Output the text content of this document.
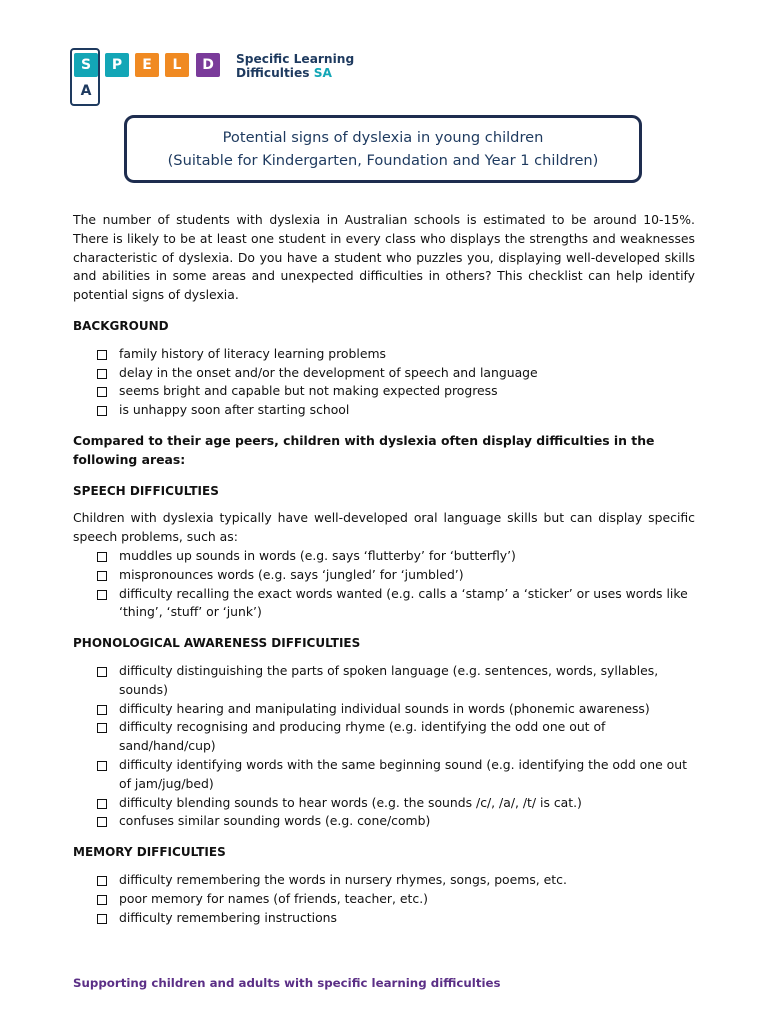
S
A
P	E	L	D	Specific Learning
Difficulties SA
Potential signs of dyslexia in young children
(Suitable for Kindergarten, Foundation and Year 1 children)

The number of students with dyslexia in Australian schools is estimated to be around 10-15%. There is likely to be at least one student in every class who displays the strengths and weaknesses characteristic of dyslexia. Do you have a student who puzzles you, displaying well-developed skills and abilities in some areas and unexpected difficulties in others? This checklist can help identify potential signs of dyslexia.

BACKGROUND

family history of literacy learning problems
delay in the onset and/or the development of speech and language
seems bright and capable but not making expected progress
is unhappy soon after starting school

Compared to their age peers, children with dyslexia often display difficulties in the following areas:

SPEECH DIFFICULTIES

Children with dyslexia typically have well-developed oral language skills but can display specific speech problems, such as:

muddles up sounds in words (e.g. says ‘flutterby’ for ‘butterfly’)
mispronounces words (e.g. says ‘jungled’ for ‘jumbled’)
difficulty recalling the exact words wanted (e.g. calls a ‘stamp’ a ‘sticker’ or uses words like ‘thing’, ‘stuff’ or ‘junk’)

PHONOLOGICAL AWARENESS DIFFICULTIES

difficulty distinguishing the parts of spoken language (e.g. sentences, words, syllables, sounds)
difficulty hearing and manipulating individual sounds in words (phonemic awareness)
difficulty recognising and producing rhyme (e.g. identifying the odd one out of sand/hand/cup)
difficulty identifying words with the same beginning sound (e.g. identifying the odd one out of jam/jug/bed)
difficulty blending sounds to hear words (e.g. the sounds /c/, /a/, /t/ is cat.)
confuses similar sounding words (e.g. cone/comb)

MEMORY DIFFICULTIES

difficulty remembering the words in nursery rhymes, songs, poems, etc.
poor memory for names (of friends, teacher, etc.)
difficulty remembering instructions
Supporting children and adults with specific learning difficulties
